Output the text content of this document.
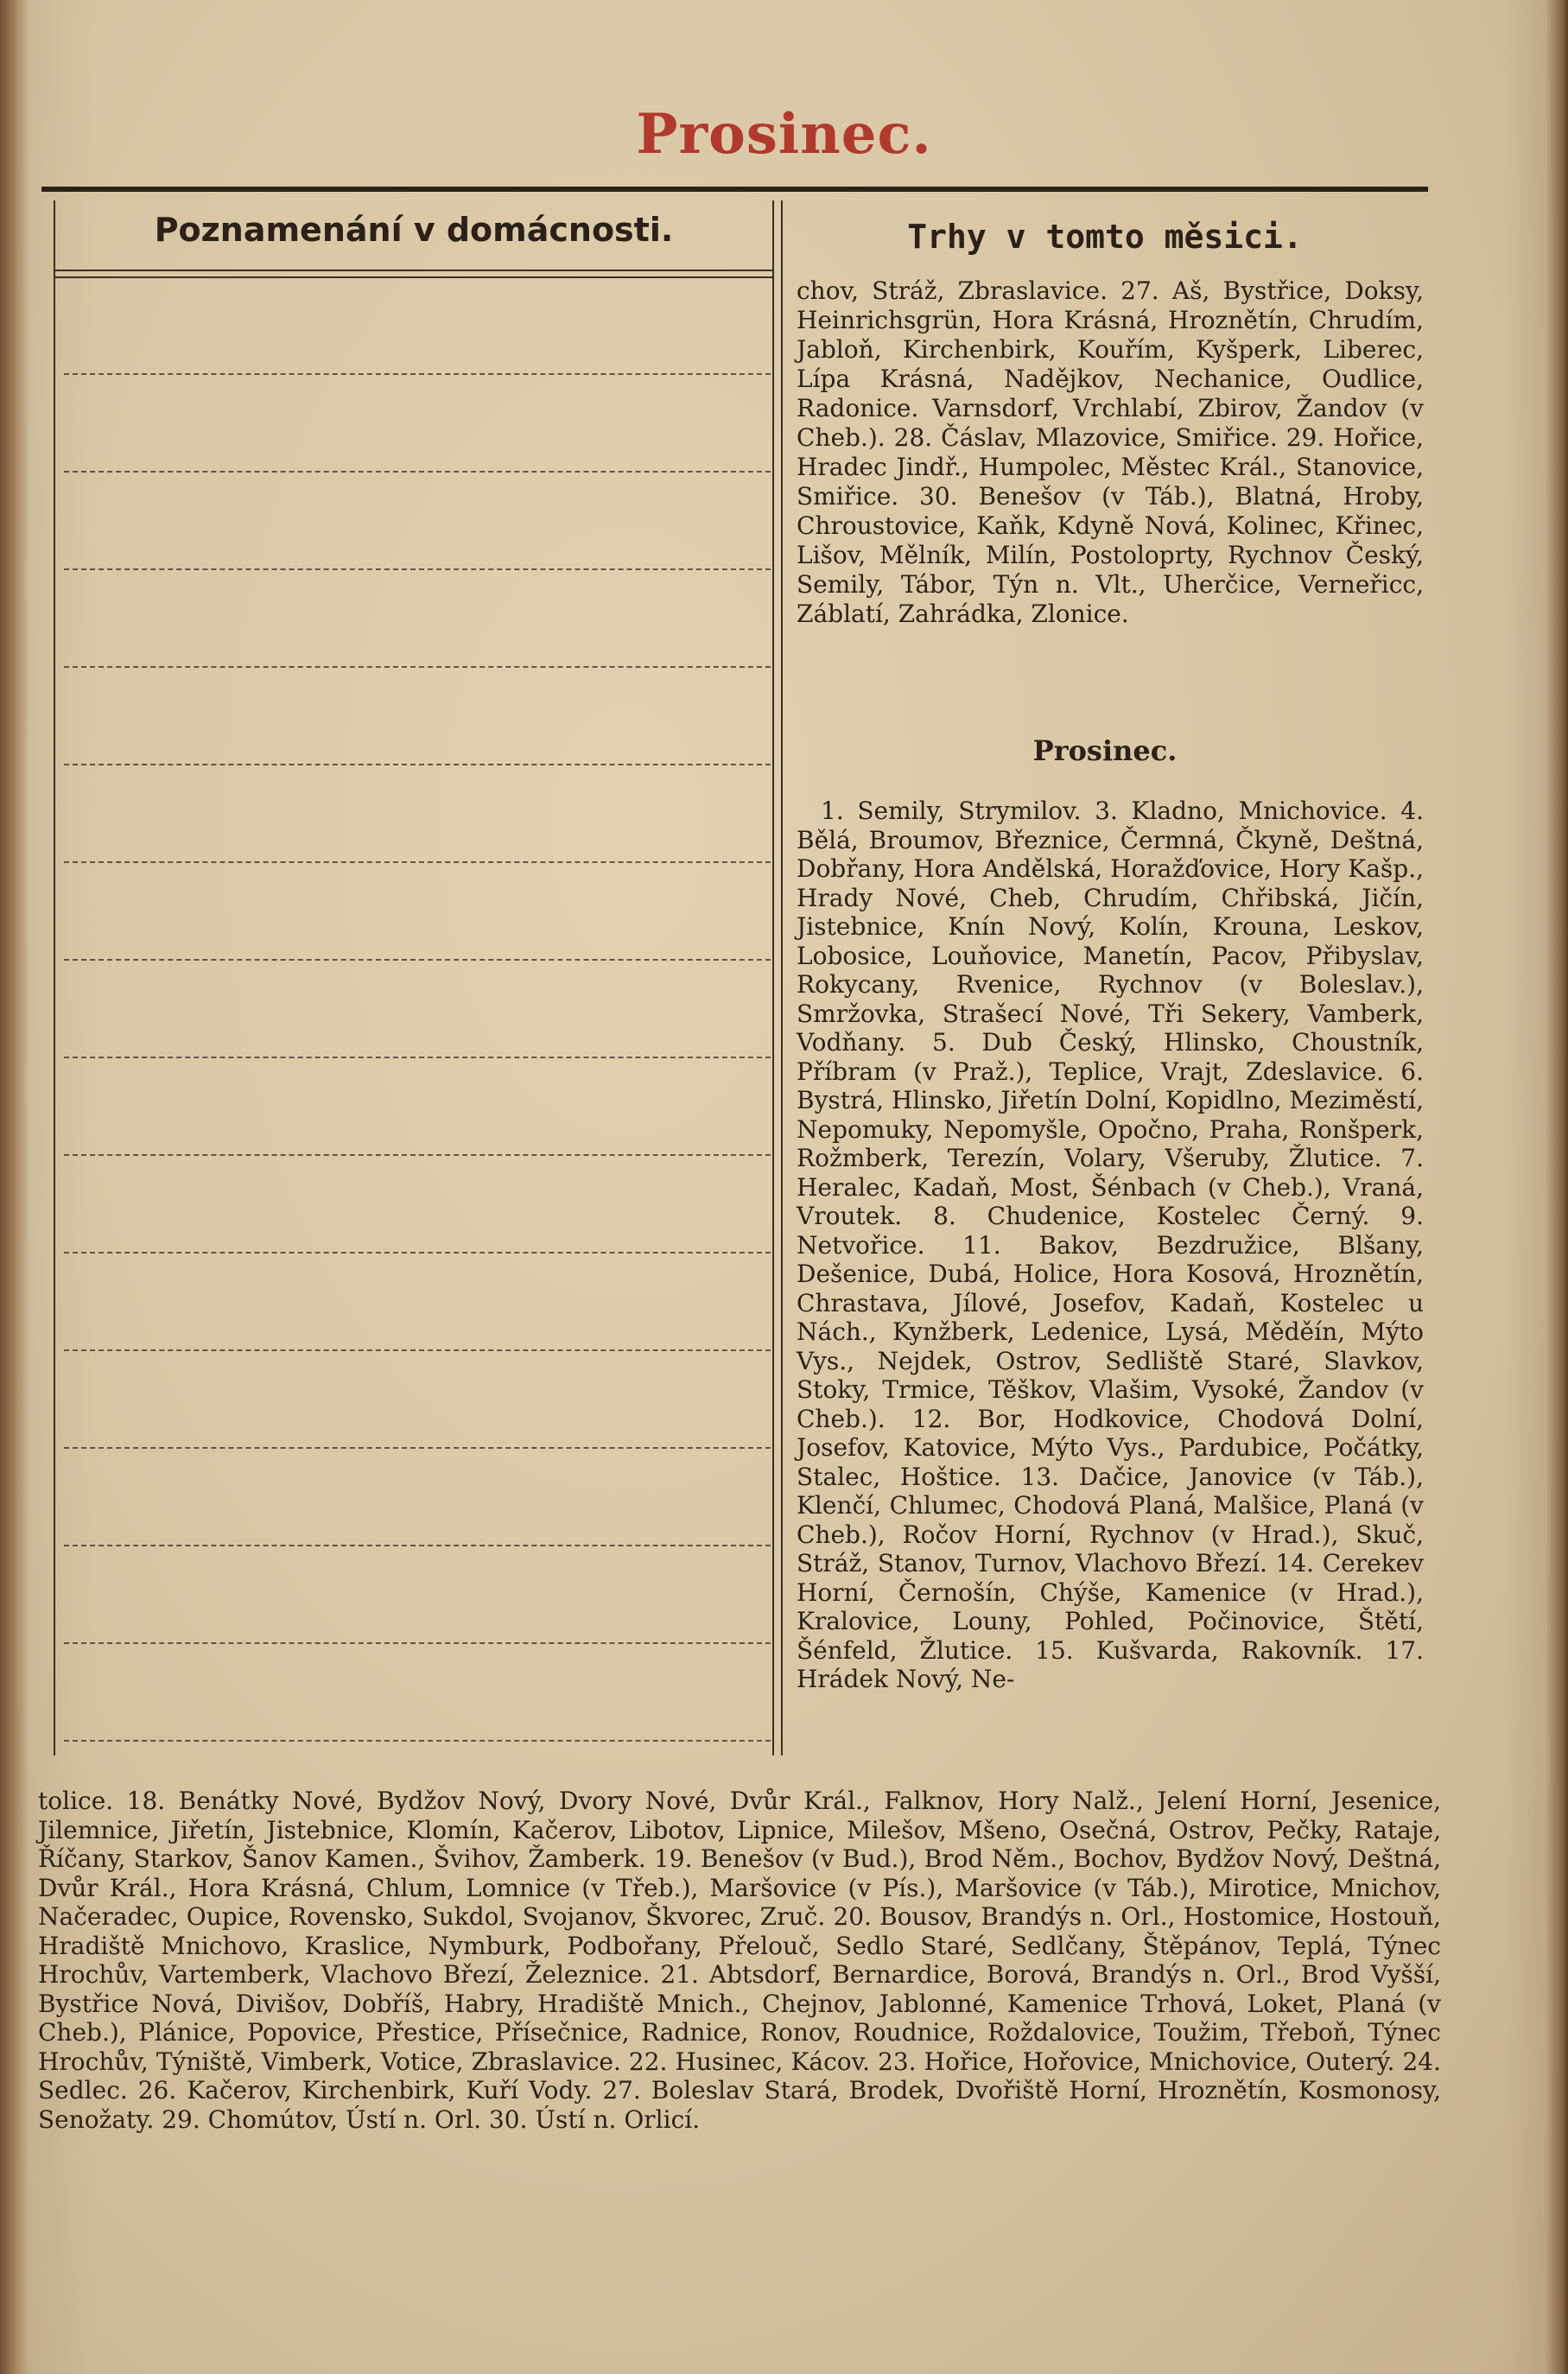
Prosinec.
Poznamenání v domácnosti.	Trhy v tomto měsici.

chov, Stráž, Zbraslavice. 27. Aš, Bystřice, Doksy, Heinrichsgrün, Hora Krásná, Hroznětín, Chrudím, Jabloň, Kirchenbirk, Kouřím, Kyšperk, Liberec, Lípa Krásná, Nadějkov, Nechanice, Oudlice, Radonice. Varnsdorf, Vrchlabí, Zbirov, Žandov (v Cheb.). 28. Čáslav, Mlazovice, Smiřice. 29. Hořice, Hradec Jindř., Humpolec, Městec Král., Stanovice, Smiřice. 30. Benešov (v Táb.), Blatná, Hroby, Chroustovice, Kaňk, Kdyně Nová, Kolinec, Křinec, Lišov, Mělník, Milín, Postoloprty, Rychnov Český, Semily, Tábor, Týn n. Vlt., Uherčice, Verneřicc, Záblatí, Zahrádka, Zlonice.

Prosinec.

1. Semily, Strymilov. 3. Kladno, Mnichovice. 4. Bělá, Broumov, Březnice, Čermná, Čkyně, Deštná, Dobřany, Hora Andělská, Horažďovice, Hory Kašp., Hrady Nové, Cheb, Chrudím, Chřibská, Jičín, Jistebnice, Knín Nový, Kolín, Krouna, Leskov, Lobosice, Louňovice, Manetín, Pacov, Přibyslav, Rokycany, Rvenice, Rychnov (v Boleslav.), Smržovka, Strašecí Nové, Tři Sekery, Vamberk, Vodňany. 5. Dub Český, Hlinsko, Choustník, Příbram (v Praž.), Teplice, Vrajt, Zdeslavice. 6. Bystrá, Hlinsko, Jiřetín Dolní, Kopidlno, Meziměstí, Nepomuky, Nepomyšle, Opočno, Praha, Ronšperk, Rožmberk, Terezín, Volary, Všeruby, Žlutice. 7. Heralec, Kadaň, Most, Šénbach (v Cheb.), Vraná, Vroutek. 8. Chudenice, Kostelec Černý. 9. Netvořice. 11. Bakov, Bezdružice, Blšany, Dešenice, Dubá, Holice, Hora Kosová, Hroznětín, Chrastava, Jílové, Josefov, Kadaň, Kostelec u Nách., Kynžberk, Ledenice, Lysá, Měděín, Mýto Vys., Nejdek, Ostrov, Sedliště Staré, Slavkov, Stoky, Trmice, Těškov, Vlašim, Vysoké, Žandov (v Cheb.). 12. Bor, Hodkovice, Chodová Dolní, Josefov, Katovice, Mýto Vys., Pardubice, Počátky, Stalec, Hoštice. 13. Dačice, Janovice (v Táb.), Klenčí, Chlumec, Chodová Planá, Malšice, Planá (v Cheb.), Ročov Horní, Rychnov (v Hrad.), Skuč, Stráž, Stanov, Turnov, Vlachovo Březí. 14. Cerekev Horní, Černošín, Chýše, Kamenice (v Hrad.), Kralovice, Louny, Pohled, Počinovice, Štětí, Šénfeld, Žlutice. 15. Kušvarda, Rakovník. 17. Hrádek Nový, Ne-

tolice. 18. Benátky Nové, Bydžov Nový, Dvory Nové, Dvůr Král., Falknov, Hory Nalž., Jelení Horní, Jesenice, Jilemnice, Jiřetín, Jistebnice, Klomín, Kačerov, Libotov, Lipnice, Milešov, Mšeno, Osečná, Ostrov, Pečky, Rataje, Říčany, Starkov, Šanov Kamen., Švihov, Žamberk. 19. Benešov (v Bud.), Brod Něm., Bochov, Bydžov Nový, Deštná, Dvůr Král., Hora Krásná, Chlum, Lomnice (v Třeb.), Maršovice (v Pís.), Maršovice (v Táb.), Mirotice, Mnichov, Načeradec, Oupice, Rovensko, Sukdol, Svojanov, Škvorec, Zruč. 20. Bousov, Brandýs n. Orl., Hostomice, Hostouň, Hradiště Mnichovo, Kraslice, Nymburk, Podbořany, Přelouč, Sedlo Staré, Sedlčany, Štěpánov, Teplá, Týnec Hrochův, Vartemberk, Vlachovo Březí, Železnice. 21. Abtsdorf, Bernardice, Borová, Brandýs n. Orl., Brod Vyšší, Bystřice Nová, Divišov, Dobříš, Habry, Hradiště Mnich., Chejnov, Jablonné, Kamenice Trhová, Loket, Planá (v Cheb.), Plánice, Popovice, Přestice, Přísečnice, Radnice, Ronov, Roudnice, Roždalovice, Toužim, Třeboň, Týnec Hrochův, Týniště, Vimberk, Votice, Zbraslavice. 22. Husinec, Kácov. 23. Hořice, Hořovice, Mnichovice, Outerý. 24. Sedlec. 26. Kačerov, Kirchenbirk, Kuří Vody. 27. Boleslav Stará, Brodek, Dvořiště Horní, Hroznětín, Kosmonosy, Senožaty. 29. Chomútov, Ústí n. Orl. 30. Ústí n. Orlicí.
